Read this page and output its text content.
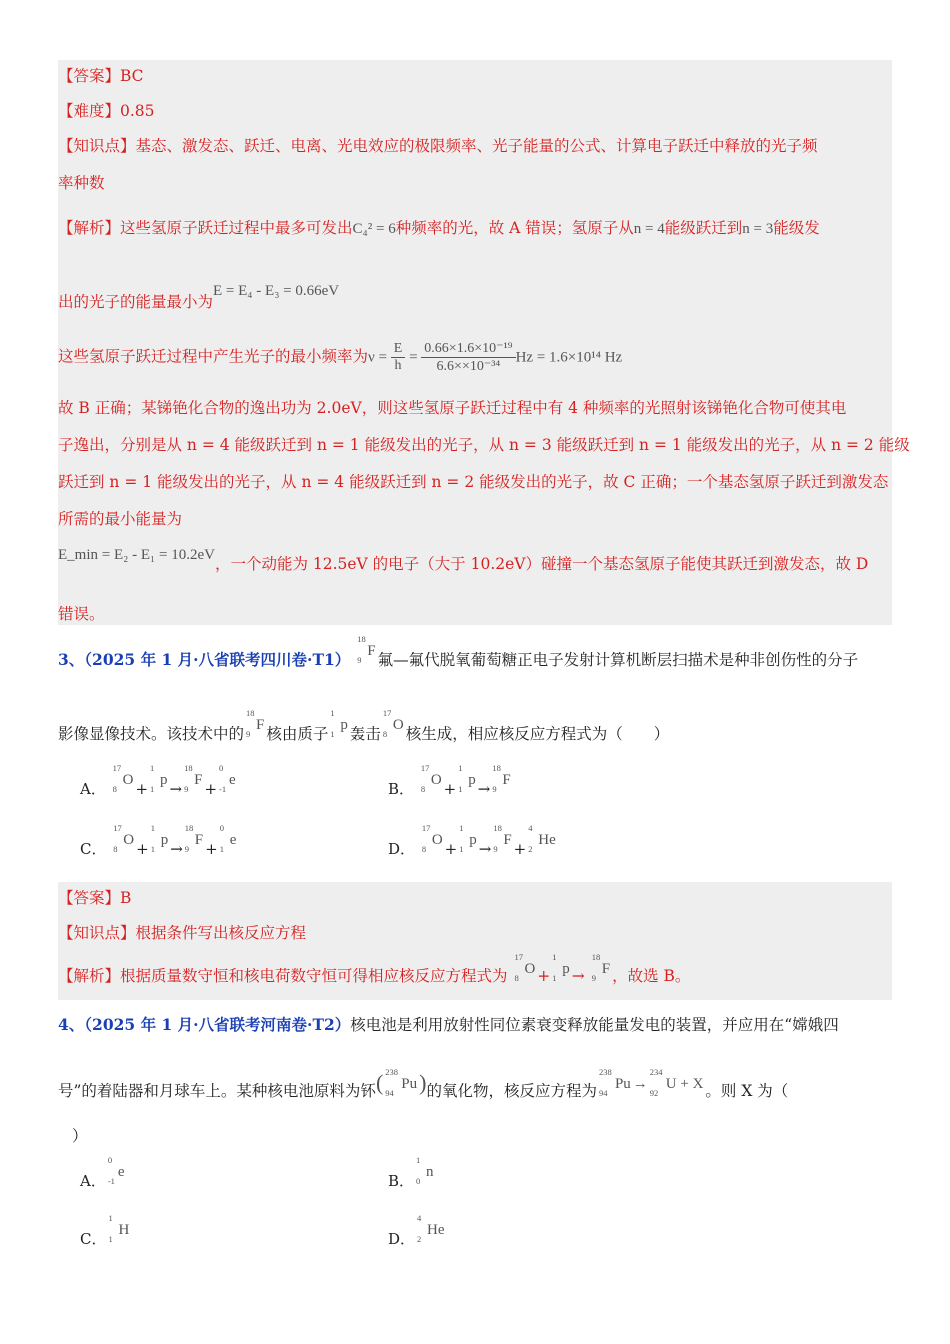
【答案】BC
【难度】0.85
【知识点】基态、激发态、跃迁、电离、光电效应的极限频率、光子能量的公式、计算电子跃迁中释放的光子频
率种数
【解析】这些氢原子跃迁过程中最多可发出C₄² = 6种频率的光，故 A 错误；氢原子从n = 4能级跃迁到n = 3能级发
出的光子的能量最小为E = E₄ - E₃ = 0.66eV
这些氢原子跃迁过程中产生光子的最小频率为$\nu = \frac{E}{h} = \frac{\text{0.66×1.6×10⁻¹⁹}}{\text{6.6××10⁻³⁴}}$ Hz = 1.6×10¹⁴ Hz
故 B 正确；某锑铯化合物的逸出功为 2.0eV，则这些氢原子跃迁过程中有 4 种频率的光照射该锑铯化合物可使其电
子逸出，分别是从 n = 4 能级跃迁到 n = 1 能级发出的光子，从 n = 3 能级跃迁到 n = 1 能级发出的光子，从 n = 2 能级
跃迁到 n = 1 能级发出的光子，从 n = 4 能级跃迁到 n = 2 能级发出的光子，故 C 正确；一个基态氢原子跃迁到激发态
所需的最小能量为
E_min = E₂ - E₁ = 10.2eV，一个动能为 12.5eV 的电子（大于 10.2eV）碰撞一个基态氢原子能使其跃迁到激发态，故 D
错误。
3、（2025 年 1 月·八省联考四川卷·T1）
18
F
9 氟—氟代脱氧葡萄糖正电子发射计算机断层扫描术是种非创伤性的分子
影像显像技术。该技术中的
18
F
9 核由质子
1
p
1 轰击
17
O
8 核生成，相应核反应方程式为（　　）
A．
17
O
8 +
1
p
1 →
18
F
9 +
0
e
-1	B．
17
O
8 +
1
p
1 →
18
F
9
C．
17
O
8 +
1
p
1 →
18
F
9 +
0
e
1	D．
17
O
8 +
1
p
1 →
18
F
9 +
4
He
2
【答案】B
【知识点】根据条件写出核反应方程
【解析】根据质量数守恒和核电荷数守恒可得相应核反应方程式为
17
O
8 +
1
p
1 →
18
F
9 ，故选 B。
4、（2025 年 1 月·八省联考河南卷·T2）核电池是利用放射性同位素衰变释放能量发电的装置，并应用在“嫦娥四
号”的着陆器和月球车上。某种核电池原料为钚( 238
Pu
94 )的氧化物，核反应方程为
238
Pu
94
→
234
U + X
92	。则 X 为（
）
A．
0
e
-1	B．
1
n
0
C．
1
H
1	D．
4
He
2
